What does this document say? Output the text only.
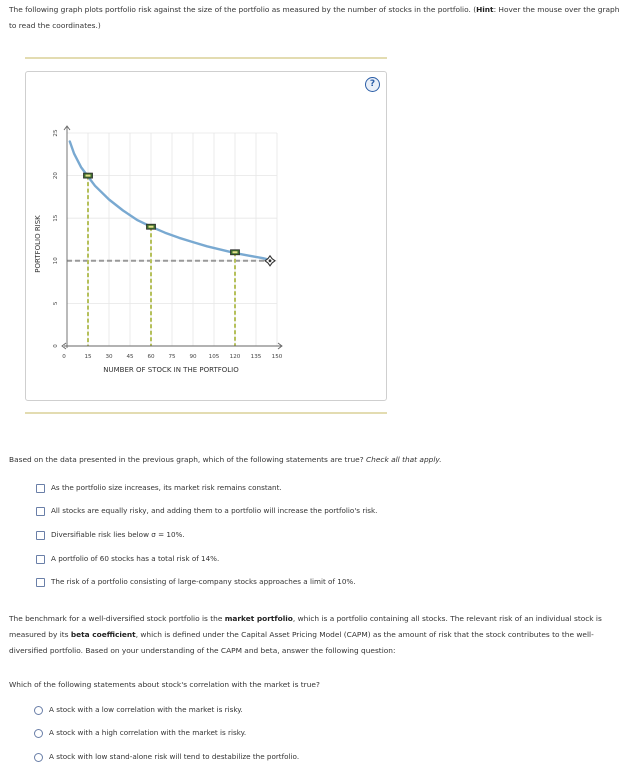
The following graph plots portfolio risk against the size of the portfolio as measured by the number of stocks in the portfolio. (Hint: Hover the mouse over the graph to read the coordinates.)

?
0	15 30 45 60 75 90 105 120 135 150
0
5
10
15
20
25
NUMBER OF STOCK IN THE PORTFOLIO
PORTFOLIO RISK

Based on the data presented in the previous graph, which of the following statements are true? Check all that apply.

As the portfolio size increases, its market risk remains constant.
All stocks are equally risky, and adding them to a portfolio will increase the portfolio's risk.
Diversifiable risk lies below σ = 10%.
A portfolio of 60 stocks has a total risk of 14%.
The risk of a portfolio consisting of large-company stocks approaches a limit of 10%.

The benchmark for a well-diversified stock portfolio is the market portfolio, which is a portfolio containing all stocks. The relevant risk of an individual stock is measured by its beta coefficient, which is defined under the Capital Asset Pricing Model (CAPM) as the amount of risk that the stock contributes to the well-diversified portfolio. Based on your understanding of the CAPM and beta, answer the following question:

Which of the following statements about stock's correlation with the market is true?

A stock with a low correlation with the market is risky.
A stock with a high correlation with the market is risky.
A stock with low stand-alone risk will tend to destabilize the portfolio.
